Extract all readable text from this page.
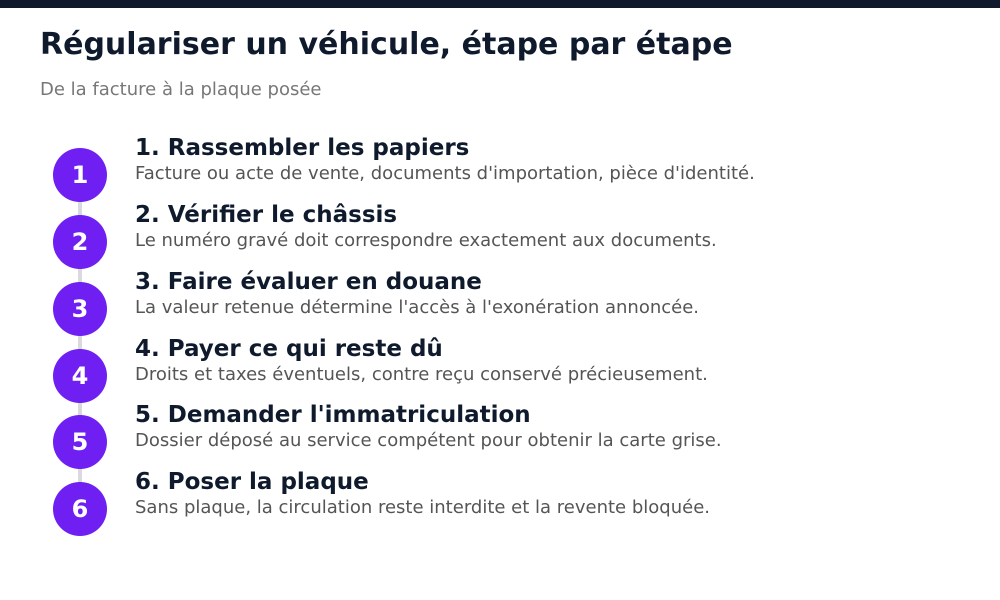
Régulariser un véhicule, étape par étape

De la facture à la plaque posée

1
1. Rassembler les papiers
Facture ou acte de vente, documents d'importation, pièce d'identité.
2
2. Vérifier le châssis
Le numéro gravé doit correspondre exactement aux documents.
3
3. Faire évaluer en douane
La valeur retenue détermine l'accès à l'exonération annoncée.
4
4. Payer ce qui reste dû
Droits et taxes éventuels, contre reçu conservé précieusement.
5
5. Demander l'immatriculation
Dossier déposé au service compétent pour obtenir la carte grise.
6
6. Poser la plaque
Sans plaque, la circulation reste interdite et la revente bloquée.
